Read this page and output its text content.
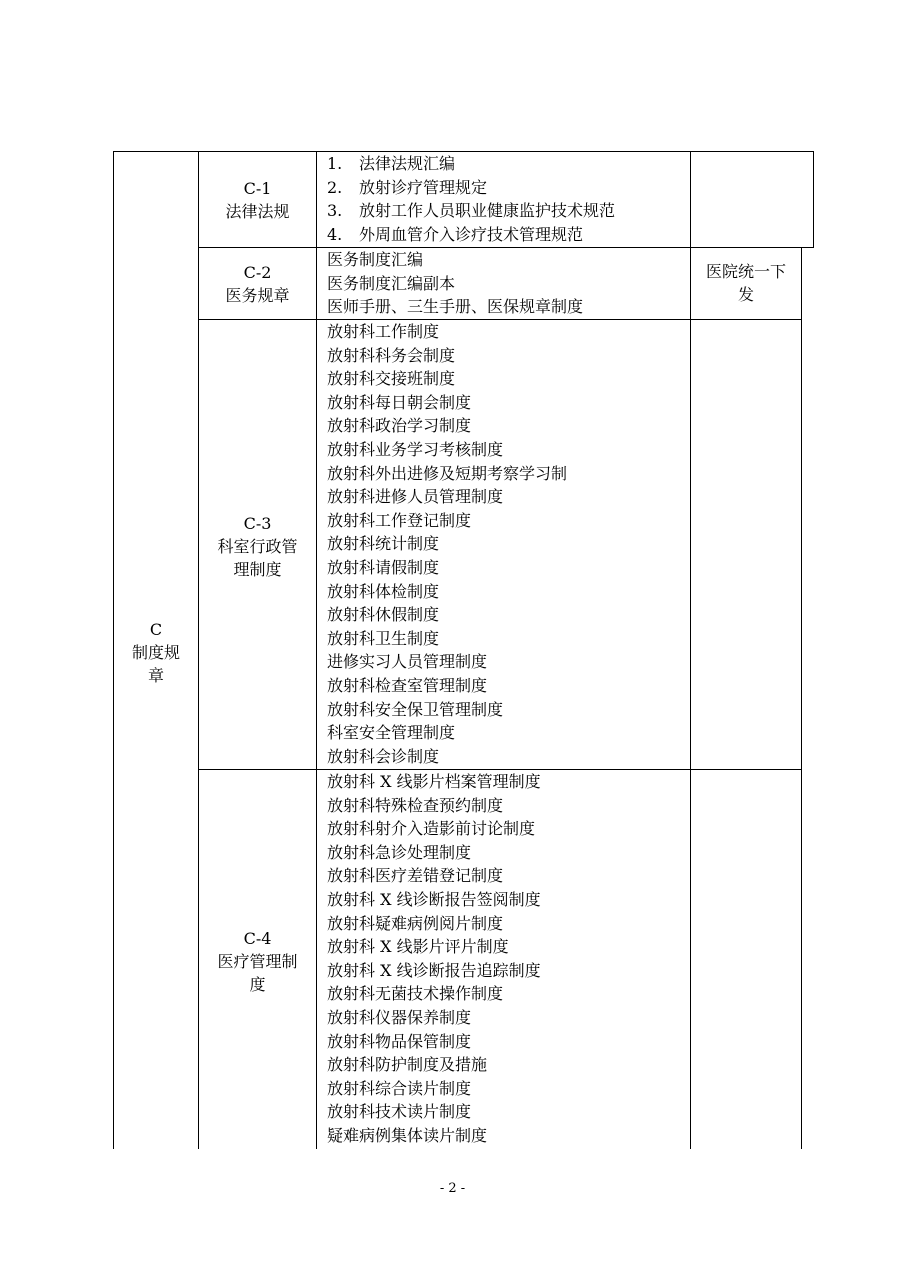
C
制度规
章
C-1
法律法规
1. 法律法规汇编
2. 放射诊疗管理规定
3. 放射工作人员职业健康监护技术规范
4. 外周血管介入诊疗技术管理规范
C-2
医务规章
医务制度汇编
医务制度汇编副本
医师手册、三生手册、医保规章制度
医院统一下
发
C-3
科室行政管
理制度
放射科工作制度
放射科科务会制度
放射科交接班制度
放射科每日朝会制度
放射科政治学习制度
放射科业务学习考核制度
放射科外出进修及短期考察学习制
放射科进修人员管理制度
放射科工作登记制度
放射科统计制度
放射科请假制度
放射科体检制度
放射科休假制度
放射科卫生制度
进修实习人员管理制度
放射科检查室管理制度
放射科安全保卫管理制度
科室安全管理制度
放射科会诊制度
C-4
医疗管理制
度
放射科 X 线影片档案管理制度
放射科特殊检查预约制度
放射科射介入造影前讨论制度
放射科急诊处理制度
放射科医疗差错登记制度
放射科 X 线诊断报告签阅制度
放射科疑难病例阅片制度
放射科 X 线影片评片制度
放射科 X 线诊断报告追踪制度
放射科无菌技术操作制度
放射科仪器保养制度
放射科物品保管制度
放射科防护制度及措施
放射科综合读片制度
放射科技术读片制度
疑难病例集体读片制度
- 2 -
